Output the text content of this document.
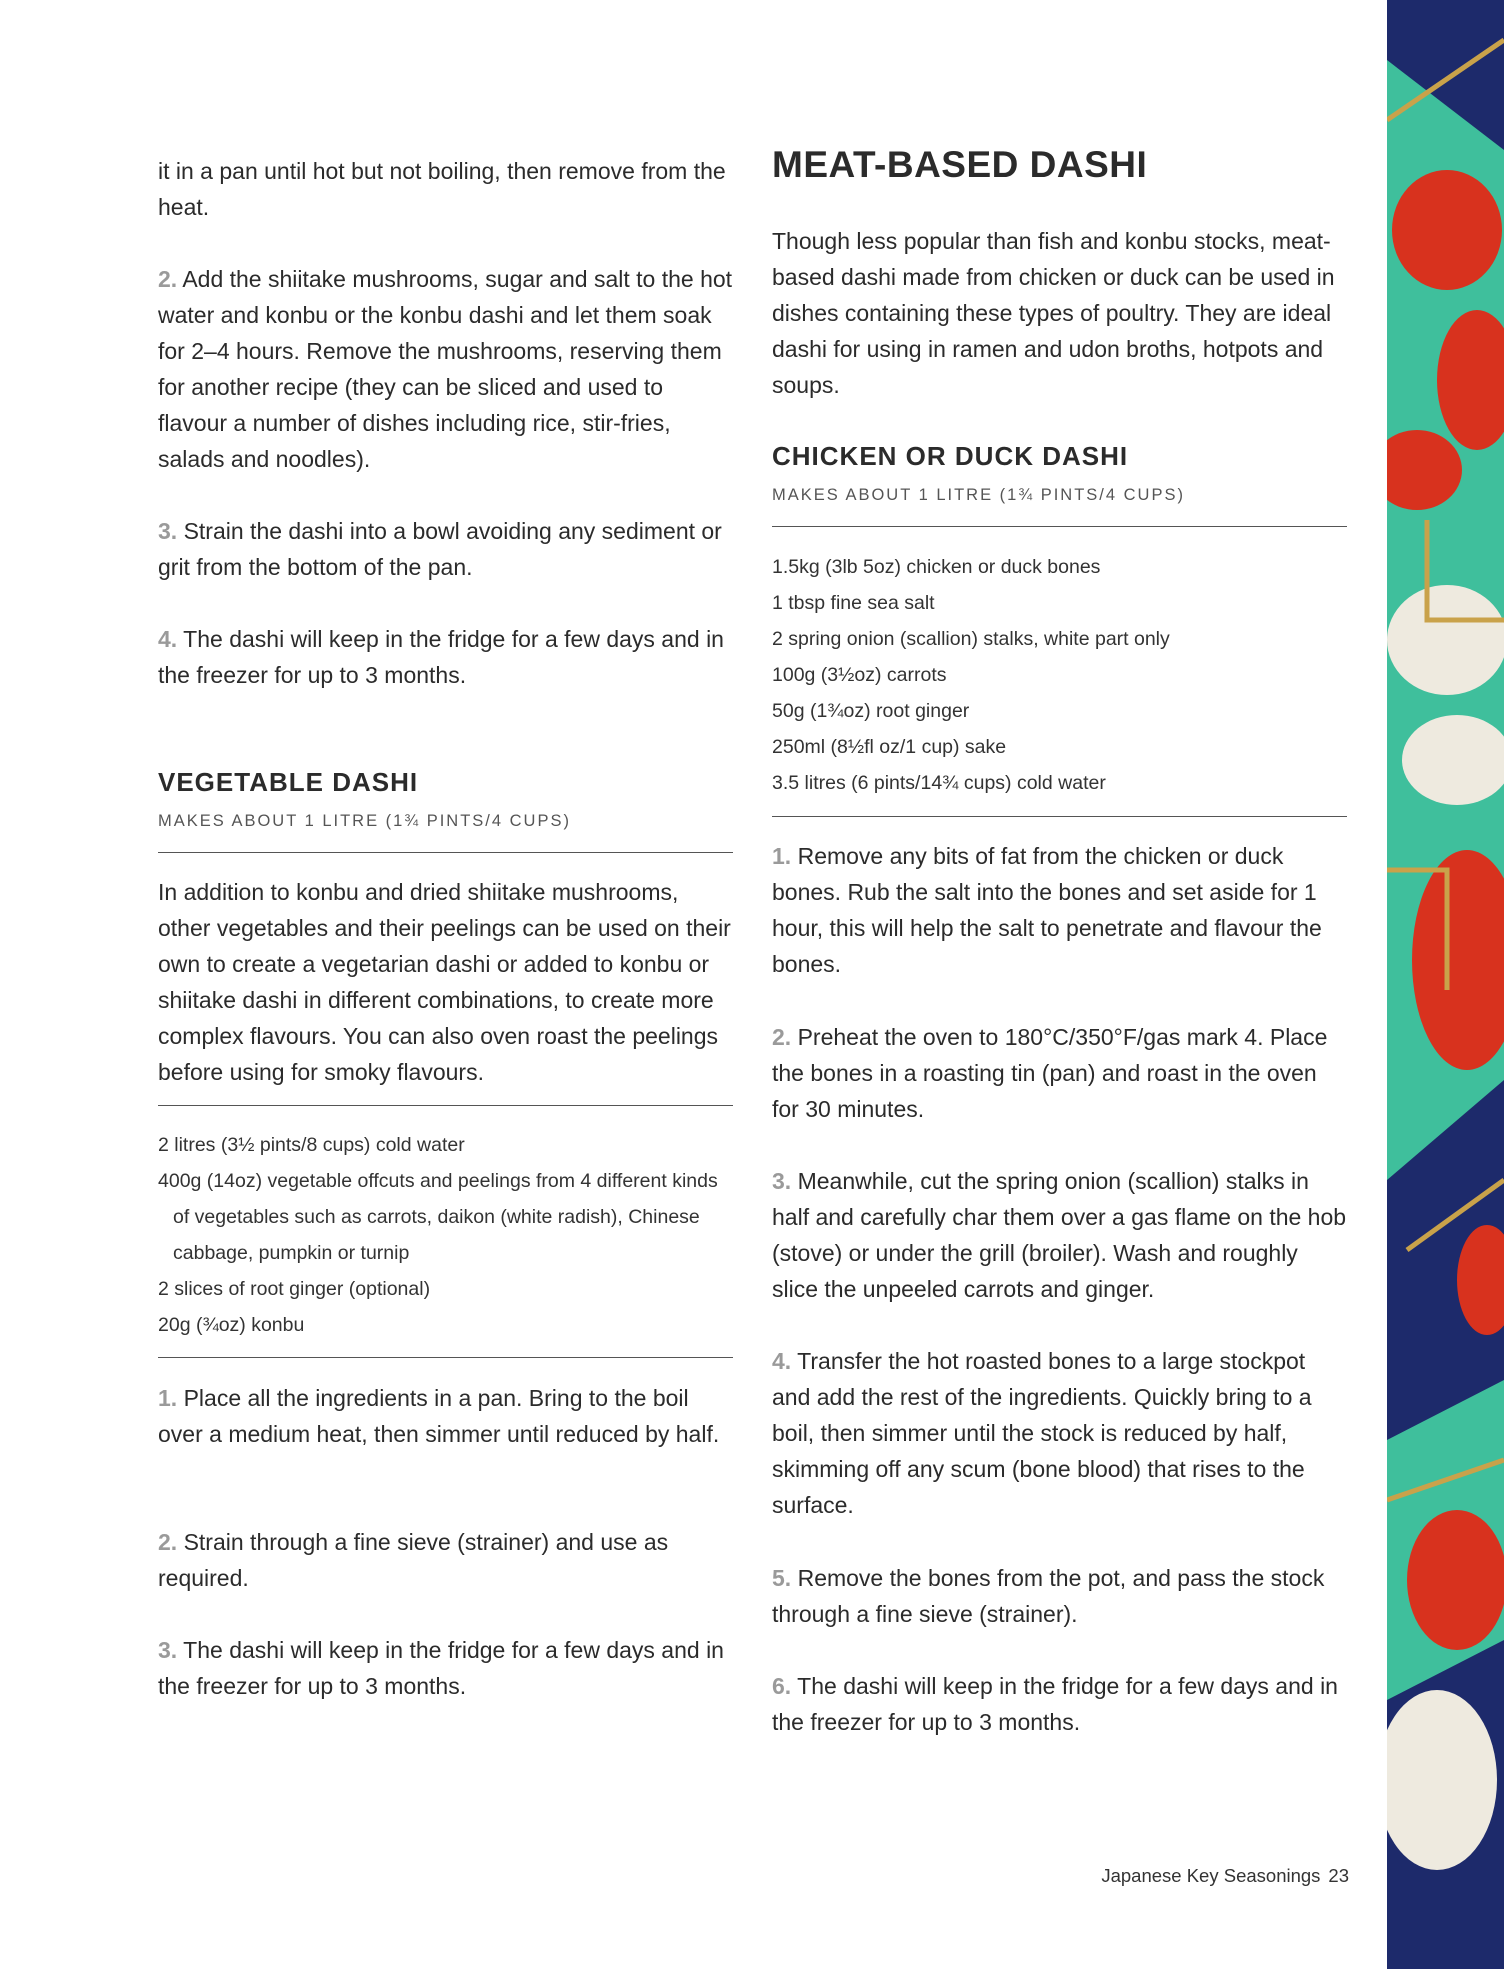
it in a pan until hot but not boiling, then remove from the heat.

2. Add the shiitake mushrooms, sugar and salt to the hot water and konbu or the konbu dashi and let them soak for 2–4 hours. Remove the mushrooms, reserving them for another recipe (they can be sliced and used to flavour a number of dishes including rice, stir-fries, salads and noodles).

3. Strain the dashi into a bowl avoiding any sediment or grit from the bottom of the pan.

4. The dashi will keep in the fridge for a few days and in the freezer for up to 3 months.

VEGETABLE DASHI

MAKES ABOUT 1 LITRE (1¾ PINTS/4 CUPS)

In addition to konbu and dried shiitake mushrooms, other vegetables and their peelings can be used on their own to create a vegetarian dashi or added to konbu or shiitake dashi in different combinations, to create more complex flavours. You can also oven roast the peelings before using for smoky flavours.

2 litres (3½ pints/8 cups) cold water
400g (14oz) vegetable offcuts and peelings from 4 different kinds of vegetables such as carrots, daikon (white radish), Chinese cabbage, pumpkin or turnip
2 slices of root ginger (optional)
20g (¾oz) konbu

1. Place all the ingredients in a pan. Bring to the boil over a medium heat, then simmer until reduced by half.

2. Strain through a fine sieve (strainer) and use as required.

3. The dashi will keep in the fridge for a few days and in the freezer for up to 3 months.

MEAT-BASED DASHI

Though less popular than fish and konbu stocks, meat-based dashi made from chicken or duck can be used in dishes containing these types of poultry. They are ideal dashi for using in ramen and udon broths, hotpots and soups.

CHICKEN OR DUCK DASHI

MAKES ABOUT 1 LITRE (1¾ PINTS/4 CUPS)

1.5kg (3lb 5oz) chicken or duck bones
1 tbsp fine sea salt
2 spring onion (scallion) stalks, white part only
100g (3½oz) carrots
50g (1¾oz) root ginger
250ml (8½fl oz/1 cup) sake
3.5 litres (6 pints/14¾ cups) cold water

1. Remove any bits of fat from the chicken or duck bones. Rub the salt into the bones and set aside for 1 hour, this will help the salt to penetrate and flavour the bones.

2. Preheat the oven to 180°C/350°F/gas mark 4. Place the bones in a roasting tin (pan) and roast in the oven for 30 minutes.

3. Meanwhile, cut the spring onion (scallion) stalks in half and carefully char them over a gas flame on the hob (stove) or under the grill (broiler). Wash and roughly slice the unpeeled carrots and ginger.

4. Transfer the hot roasted bones to a large stockpot and add the rest of the ingredients. Quickly bring to a boil, then simmer until the stock is reduced by half, skimming off any scum (bone blood) that rises to the surface.

5. Remove the bones from the pot, and pass the stock through a fine sieve (strainer).

6. The dashi will keep in the fridge for a few days and in the freezer for up to 3 months.

Japanese Key Seasonings 23
